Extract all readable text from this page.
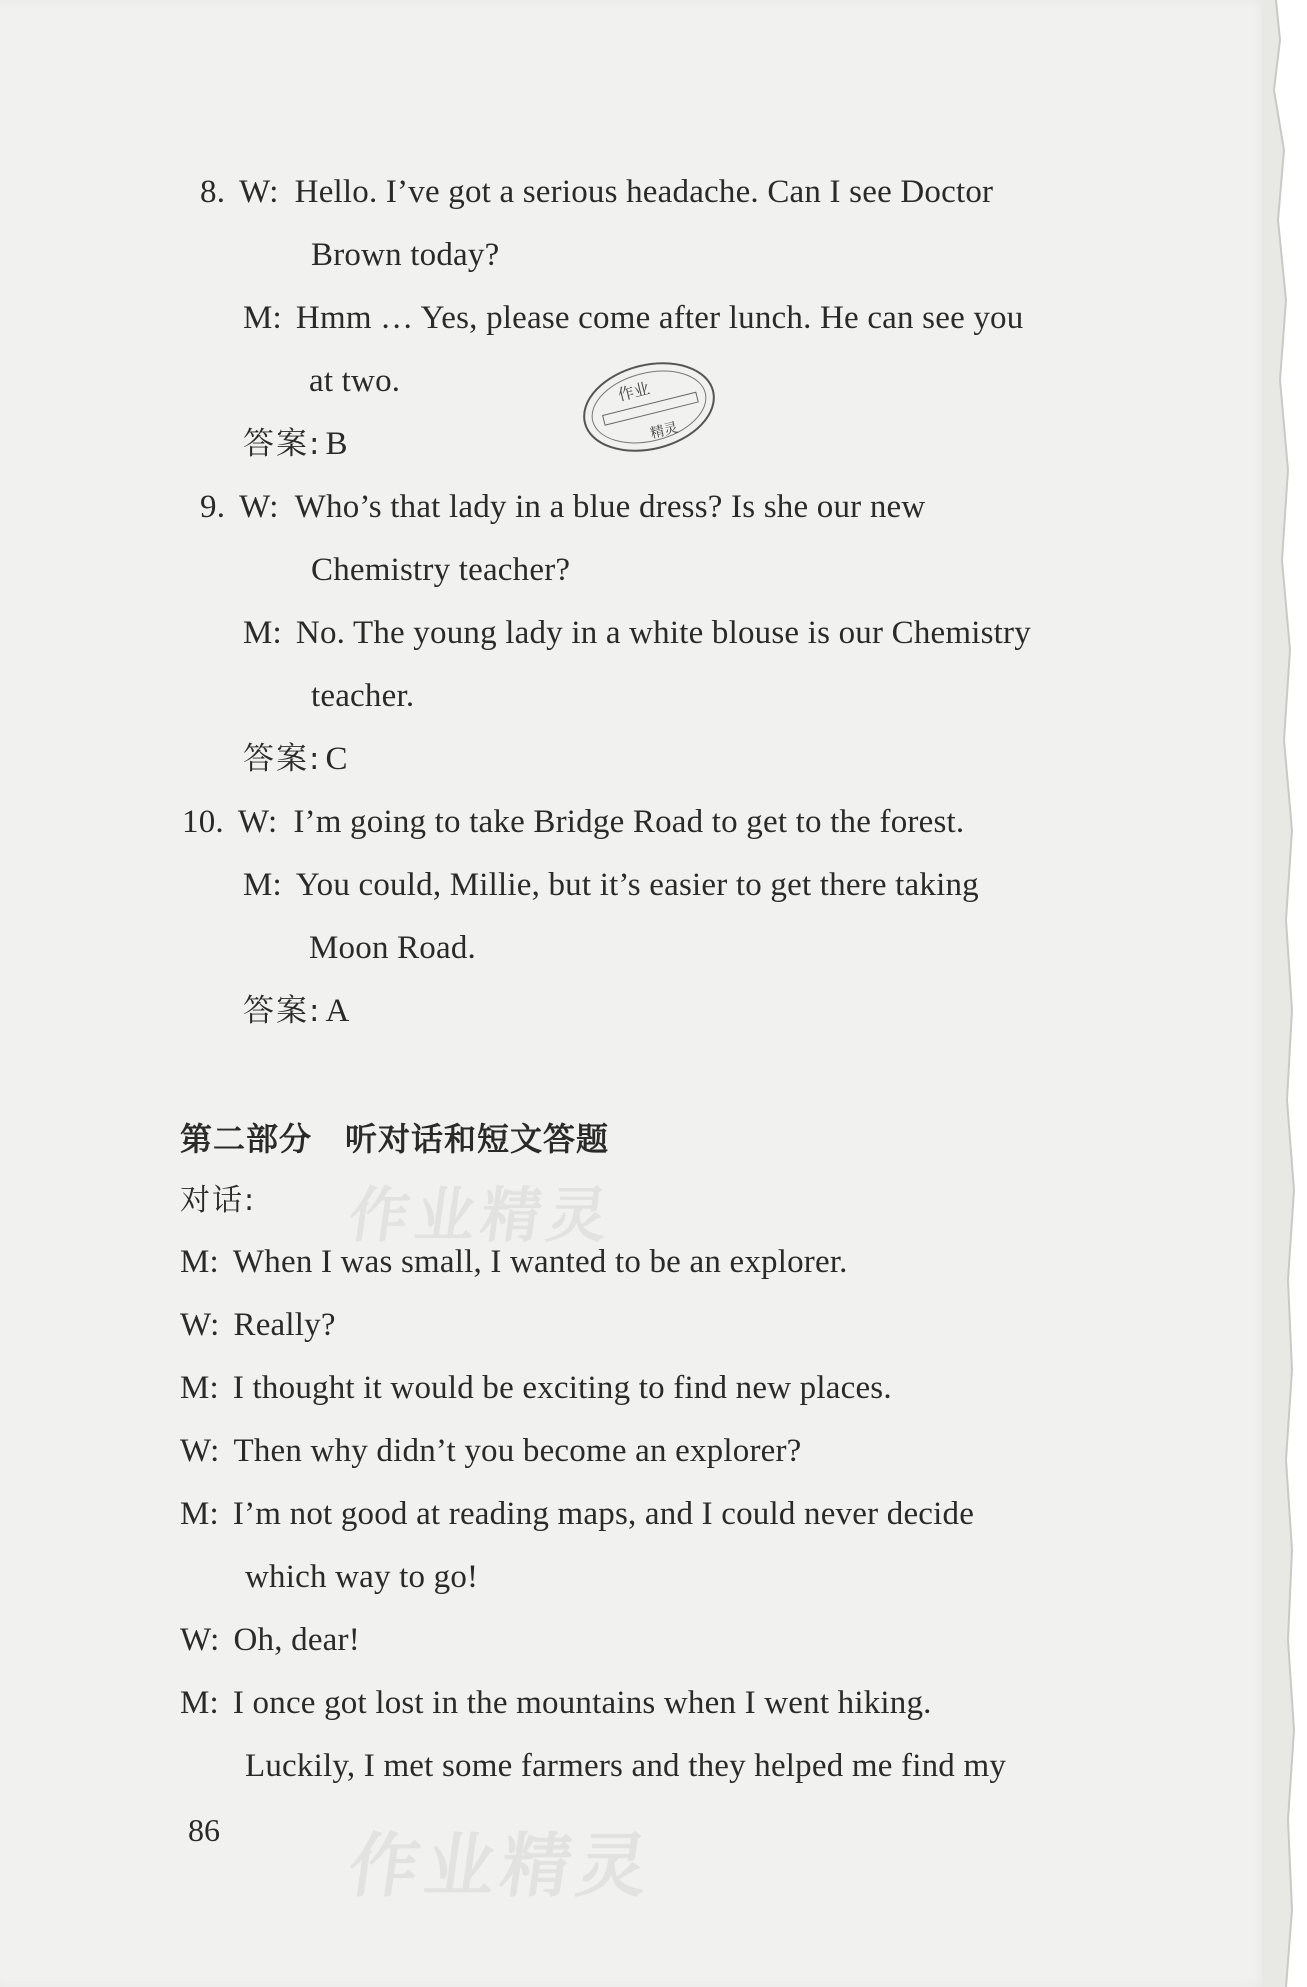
8. W: Hello. I’ve got a serious headache. Can I see Doctor
Brown today?
M: Hmm … Yes, please come after lunch. He can see you
at two.
答案: B
作业
精灵
9. W: Who’s that lady in a blue dress? Is she our new
Chemistry teacher?
M: No. The young lady in a white blouse is our Chemistry
teacher.
答案: C
10. W: I’m going to take Bridge Road to get to the forest.
M: You could, Millie, but it’s easier to get there taking
Moon Road.
答案: A
第二部分　听对话和短文答题
作业精灵
对话:
M: When I was small, I wanted to be an explorer.
W: Really?
M: I thought it would be exciting to find new places.
W: Then why didn’t you become an explorer?
M: I’m not good at reading maps, and I could never decide
which way to go!
W: Oh, dear!
M: I once got lost in the mountains when I went hiking.
Luckily, I met some farmers and they helped me find my
86 作业精灵
